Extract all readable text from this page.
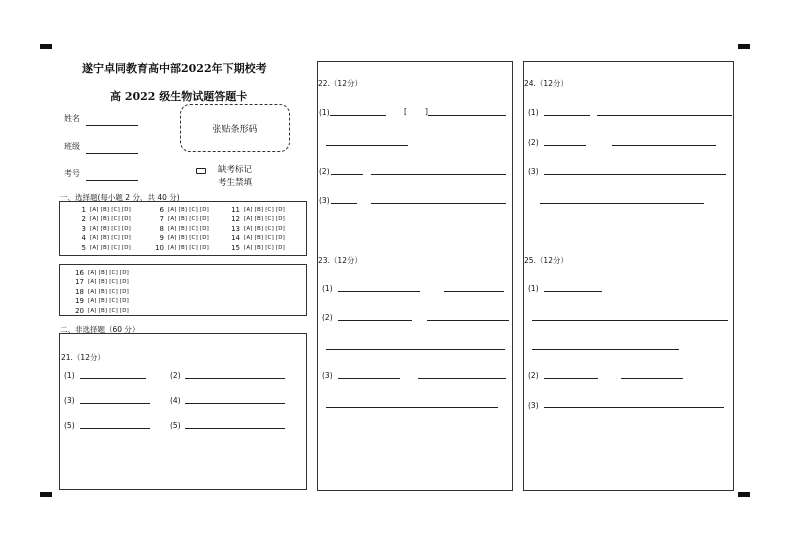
遂宁卓同教育高中部2022年下期校考
高 2022 级生物试题答题卡
姓名
班级
考号
张贴条形码
缺考标记
考生禁填
一、选择题(每小题 2 分，共 40 分)
1 [A] [B] [C] [D]
2 [A] [B] [C] [D]
3 [A] [B] [C] [D]
4 [A] [B] [C] [D]
5 [A] [B] [C] [D]
6 [A] [B] [C] [D]
7 [A] [B] [C] [D]
8 [A] [B] [C] [D]
9 [A] [B] [C] [D]
10 [A] [B] [C] [D]
11 [A] [B] [C] [D]
12 [A] [B] [C] [D]
13 [A] [B] [C] [D]
14 [A] [B] [C] [D]
15 [A] [B] [C] [D]
16 [A] [B] [C] [D]
17 [A] [B] [C] [D]
18 [A] [B] [C] [D]
19 [A] [B] [C] [D]
20 [A] [B] [C] [D]
二、非选择题（60 分）
21.（12分）
(1)	(2)
(3)	(4)
(5)	(5)
22.（12分）
(1)	[ ]
(2)
(3)
23.（12分）
(1)
(2)
(3)
24.（12分）
(1)
(2)
(3)
25.（12分）
(1)
(2)
(3)
